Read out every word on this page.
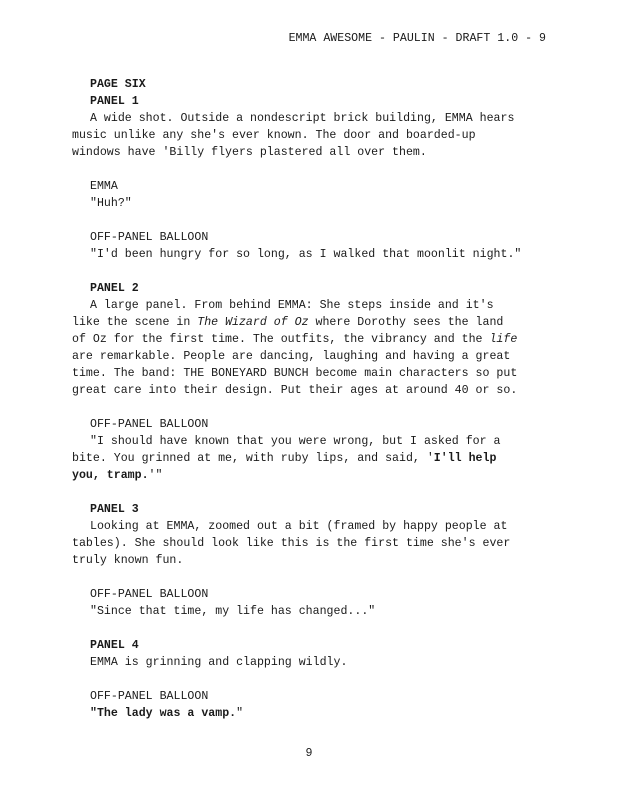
EMMA AWESOME - PAULIN - DRAFT 1.0 - 9
PAGE SIX
PANEL 1
A wide shot. Outside a nondescript brick building, EMMA hears
music unlike any she's ever known. The door and boarded-up
windows have 'Billy flyers plastered all over them.
EMMA
"Huh?"
OFF-PANEL BALLOON
"I'd been hungry for so long, as I walked that moonlit night."
PANEL 2
A large panel. From behind EMMA: She steps inside and it's
like the scene in The Wizard of Oz where Dorothy sees the land
of Oz for the first time. The outfits, the vibrancy and the life
are remarkable. People are dancing, laughing and having a great
time. The band: THE BONEYARD BUNCH become main characters so put
great care into their design. Put their ages at around 40 or so.
OFF-PANEL BALLOON
"I should have known that you were wrong, but I asked for a
bite. You grinned at me, with ruby lips, and said, 'I'll help
you, tramp.'"
PANEL 3
Looking at EMMA, zoomed out a bit (framed by happy people at
tables). She should look like this is the first time she's ever
truly known fun.
OFF-PANEL BALLOON
"Since that time, my life has changed..."
PANEL 4
EMMA is grinning and clapping wildly.
OFF-PANEL BALLOON
"The lady was a vamp."
9
